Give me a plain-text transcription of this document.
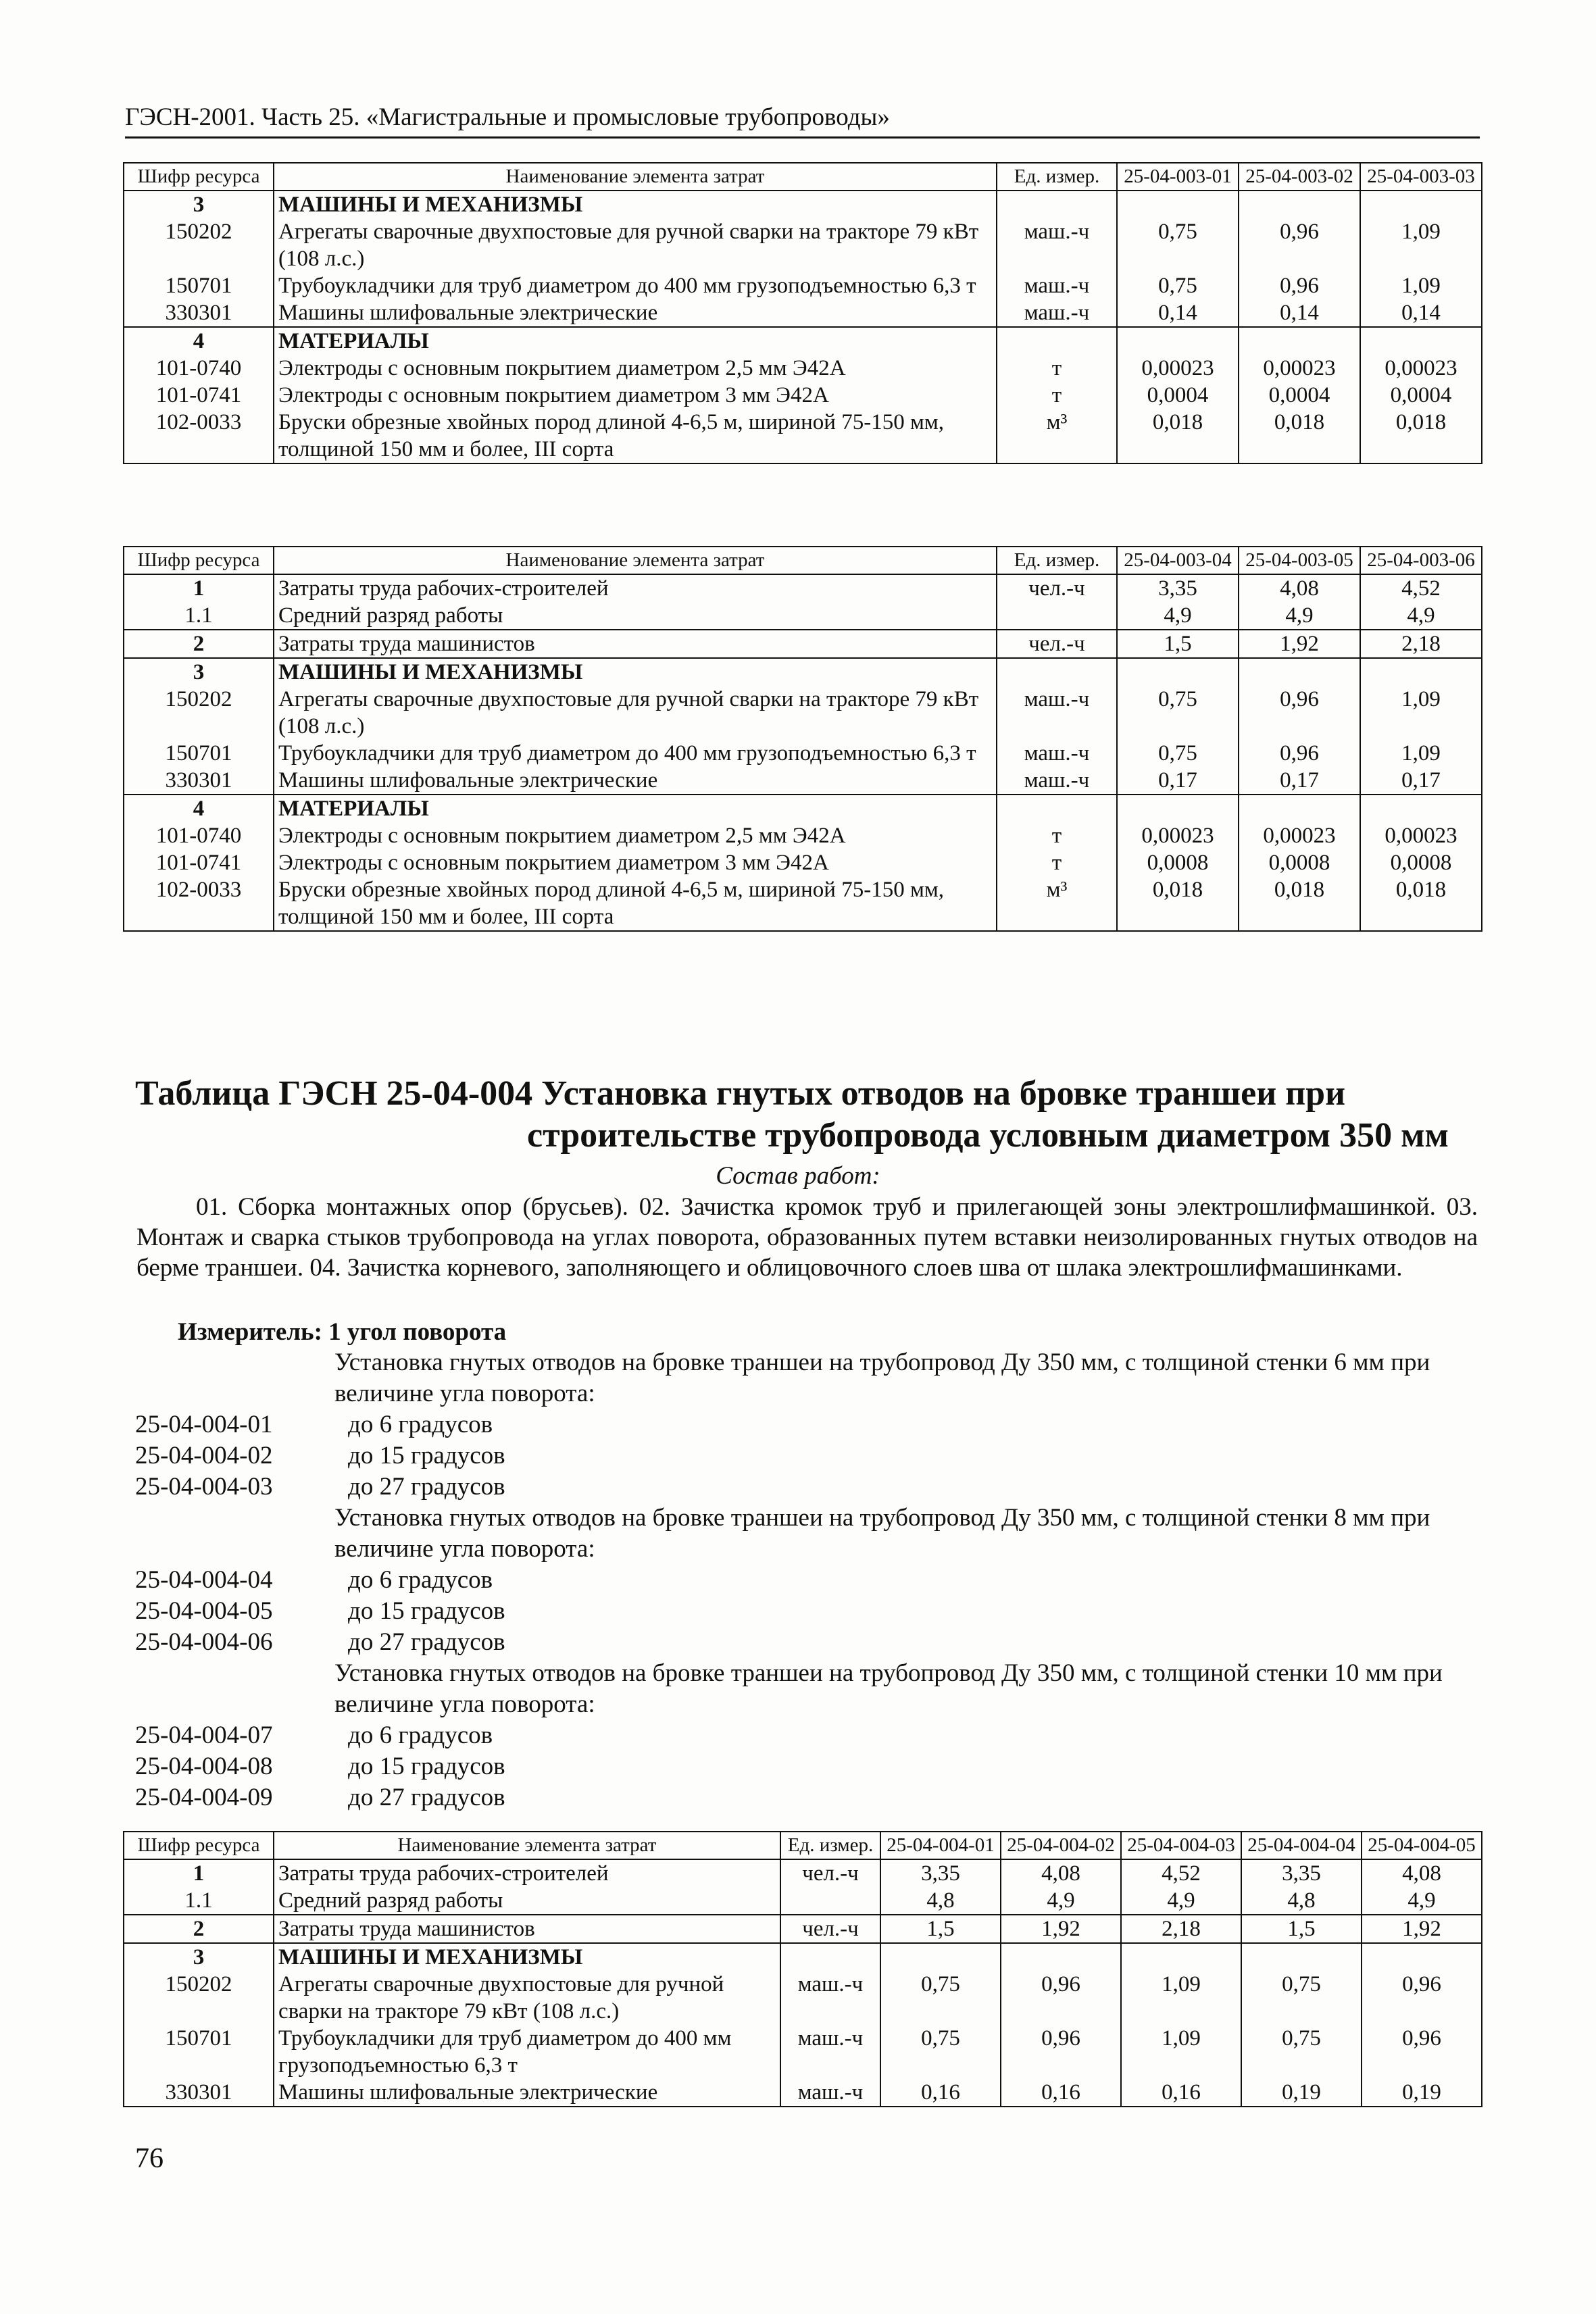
ГЭСН-2001. Часть 25. «Магистральные и промысловые трубопроводы»
Шифр ресурса	Наименование элемента затрат	Ед. измер.	25-04-003-01	25-04-003-02	25-04-003-03
3	МАШИНЫ И МЕХАНИЗМЫ				
150202	Агрегаты сварочные двухпостовые для ручной сварки на тракторе 79 кВт (108 л.с.)	маш.-ч	0,75	0,96	1,09
150701	Трубоукладчики для труб диаметром до 400 мм грузоподъемностью 6,3 т	маш.-ч	0,75	0,96	1,09
330301	Машины шлифовальные электрические	маш.-ч	0,14	0,14	0,14
4	МАТЕРИАЛЫ				
101-0740	Электроды с основным покрытием диаметром 2,5 мм Э42А	т	0,00023	0,00023	0,00023
101-0741	Электроды с основным покрытием диаметром 3 мм Э42А	т	0,0004	0,0004	0,0004
102-0033	Бруски обрезные хвойных пород длиной 4-6,5 м, шириной 75-150 мм, толщиной 150 мм и более, III сорта	м³	0,018	0,018	0,018
Шифр ресурса	Наименование элемента затрат	Ед. измер.	25-04-003-04	25-04-003-05	25-04-003-06
1	Затраты труда рабочих-строителей	чел.-ч	3,35	4,08	4,52
1.1	Средний разряд работы		4,9	4,9	4,9
2	Затраты труда машинистов	чел.-ч	1,5	1,92	2,18
3	МАШИНЫ И МЕХАНИЗМЫ				
150202	Агрегаты сварочные двухпостовые для ручной сварки на тракторе 79 кВт (108 л.с.)	маш.-ч	0,75	0,96	1,09
150701	Трубоукладчики для труб диаметром до 400 мм грузоподъемностью 6,3 т	маш.-ч	0,75	0,96	1,09
330301	Машины шлифовальные электрические	маш.-ч	0,17	0,17	0,17
4	МАТЕРИАЛЫ				
101-0740	Электроды с основным покрытием диаметром 2,5 мм Э42А	т	0,00023	0,00023	0,00023
101-0741	Электроды с основным покрытием диаметром 3 мм Э42А	т	0,0008	0,0008	0,0008
102-0033	Бруски обрезные хвойных пород длиной 4-6,5 м, шириной 75-150 мм, толщиной 150 мм и более, III сорта	м³	0,018	0,018	0,018
Таблица ГЭСН 25-04-004 Установка гнутых отводов на бровке траншеи при
строительстве трубопровода условным диаметром 350 мм
Состав работ:
01. Сборка монтажных опор (брусьев). 02. Зачистка кромок труб и прилегающей зоны электрошлифмашинкой. 03. Монтаж и сварка стыков трубопровода на углах поворота, образованных путем вставки неизолированных гнутых отводов на берме траншеи. 04. Зачистка корневого, заполняющего и облицовочного слоев шва от шлака электрошлифмашинками.
Измеритель: 1 угол поворота
Установка гнутых отводов на бровке траншеи на трубопровод Ду 350 мм, с толщиной стенки 6 мм при величине угла поворота:
25-04-004-01	до 6 градусов
25-04-004-02	до 15 градусов
25-04-004-03	до 27 градусов
Установка гнутых отводов на бровке траншеи на трубопровод Ду 350 мм, с толщиной стенки 8 мм при величине угла поворота:
25-04-004-04	до 6 градусов
25-04-004-05	до 15 градусов
25-04-004-06	до 27 градусов
Установка гнутых отводов на бровке траншеи на трубопровод Ду 350 мм, с толщиной стенки 10 мм при величине угла поворота:
25-04-004-07	до 6 градусов
25-04-004-08	до 15 градусов
25-04-004-09	до 27 градусов
Шифр ресурса	Наименование элемента затрат	Ед. измер.	25-04-004-01	25-04-004-02	25-04-004-03	25-04-004-04	25-04-004-05
1	Затраты труда рабочих-строителей	чел.-ч	3,35	4,08	4,52	3,35	4,08
1.1	Средний разряд работы		4,8	4,9	4,9	4,8	4,9
2	Затраты труда машинистов	чел.-ч	1,5	1,92	2,18	1,5	1,92
3	МАШИНЫ И МЕХАНИЗМЫ						
150202	Агрегаты сварочные двухпостовые для ручной сварки на тракторе 79 кВт (108 л.с.)	маш.-ч	0,75	0,96	1,09	0,75	0,96
150701	Трубоукладчики для труб диаметром до 400 мм грузоподъемностью 6,3 т	маш.-ч	0,75	0,96	1,09	0,75	0,96
330301	Машины шлифовальные электрические	маш.-ч	0,16	0,16	0,16	0,19	0,19
76
